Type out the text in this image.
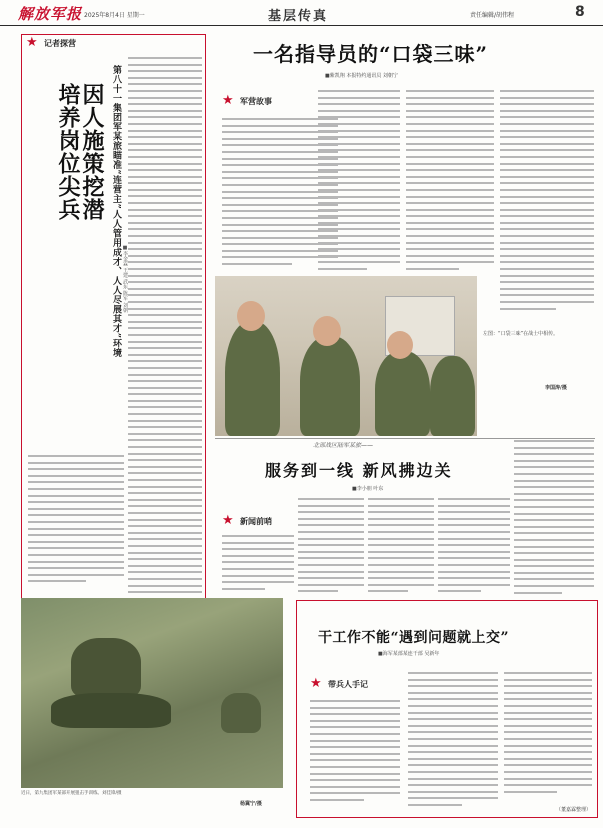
解放军报 2025年8月4日 星期一	基层传真	责任编辑/胡伟程	8
★ 记者探营
第八十一集团军某旅瞄准“连营主”人人管用成才、人人尽展其才”环境
因人施策挖潜
培养岗位尖兵
■李金霖 王建 武东 陈军 刘朝
近日，第九集团军某部开展狙击手训练。刘佳锋/摄
杨冀宁/摄
一名指导员的“口袋三味”
■紫凯翔 本报特约通讯员 刘朝宁
★ 军营故事
左图：“口袋三味”在战士中相传。
李国涛/摄
北部战区陆军某旅——
服务到一线 新风拂边关
■李小朋 叶东
★ 新闻前哨
干工作不能“遇到问题就上交”
■海军某部某连干部 吴新年
★ 带兵人手记
（董嘉霖整理）
